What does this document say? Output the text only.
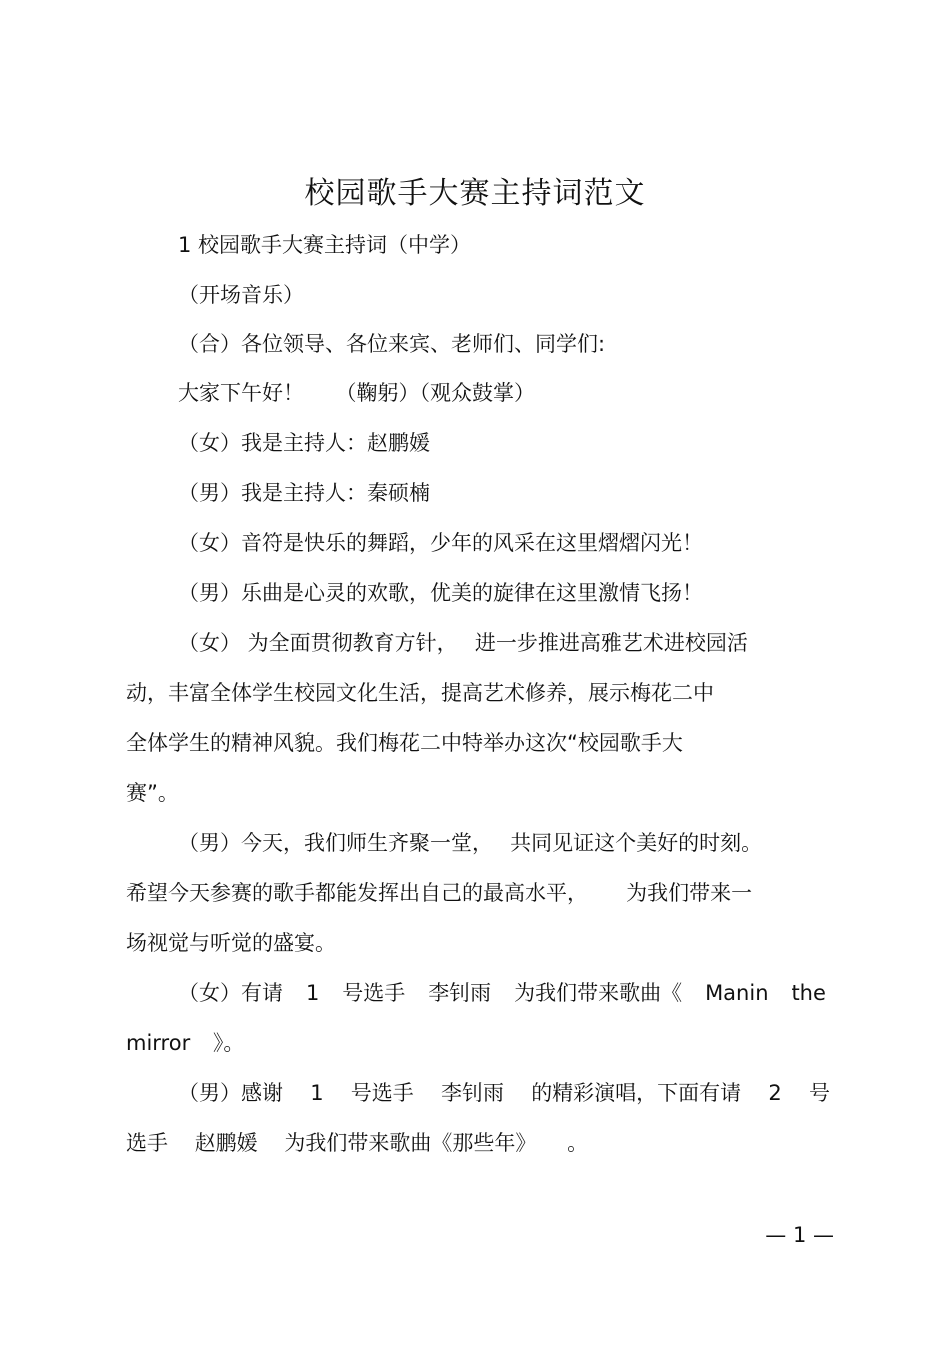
校园歌手大赛主持词范文
1 校园歌手大赛主持词（中学）
（开场音乐）
（合）各位领导、各位来宾、老师们、同学们:
大家下午好！　　（鞠躬）（观众鼓掌）
（女）我是主持人：赵鹏媛
（男）我是主持人：秦硕楠
（女）音符是快乐的舞蹈，少年的风采在这里熠熠闪光！
（男）乐曲是心灵的欢歌，优美的旋律在这里激情飞扬！
（女） 为全面贯彻教育方针，　 进一步推进高雅艺术进校园活
动，丰富全体学生校园文化生活，提高艺术修养，展示梅花二中
全体学生的精神风貌。我们梅花二中特举办这次“校园歌手大
赛”。
（男）今天，我们师生齐聚一堂，　 共同见证这个美好的时刻。
希望今天参赛的歌手都能发挥出自己的最高水平，　　 为我们带来一
场视觉与听觉的盛宴。
（女）有请 1 号选手 李钊雨 为我们带来歌曲《 Manin the
mirror 》。
（男）感谢 1 号选手 李钊雨 的精彩演唱，下面有请 2 号
选手 赵鹏媛 为我们带来歌曲《那些年》 。
— 1 —
